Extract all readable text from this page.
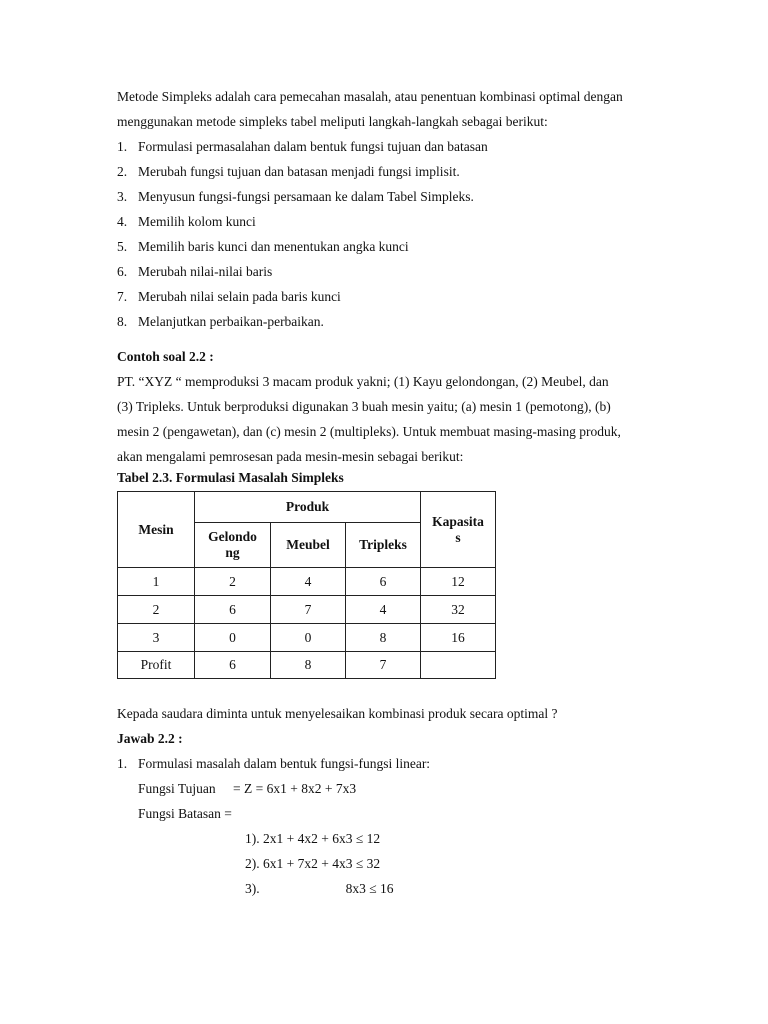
Metode Simpleks adalah cara pemecahan masalah, atau penentuan kombinasi optimal dengan
menggunakan metode simpleks tabel meliputi langkah-langkah sebagai berikut:
1. Formulasi permasalahan dalam bentuk fungsi tujuan dan batasan
2. Merubah fungsi tujuan dan batasan menjadi fungsi implisit.
3. Menyusun fungsi-fungsi persamaan ke dalam Tabel Simpleks.
4. Memilih kolom kunci
5. Memilih baris kunci dan menentukan angka kunci
6. Merubah nilai-nilai baris
7. Merubah nilai selain pada baris kunci
8. Melanjutkan perbaikan-perbaikan.
Contoh soal 2.2 :
PT. “XYZ “ memproduksi 3 macam produk yakni; (1) Kayu gelondongan, (2) Meubel, dan
(3) Tripleks. Untuk berproduksi digunakan 3 buah mesin yaitu; (a) mesin 1 (pemotong), (b)
mesin 2 (pengawetan), dan (c) mesin 2 (multipleks). Untuk membuat masing-masing produk,
akan mengalami pemrosesan pada mesin-mesin sebagai berikut:
Tabel 2.3. Formulasi Masalah Simpleks
Mesin	Produk			Kapasita
s
	Gelondo
ng	Meubel	Tripleks	
1	2	4	6	12
2	6	7	4	32
3	0	0	8	16
Profit	6	8	7	
Kepada saudara diminta untuk menyelesaikan kombinasi produk secara optimal ?
Jawab 2.2 :
1. Formulasi masalah dalam bentuk fungsi-fungsi linear:
Fungsi Tujuan	= Z = 6x1 + 8x2 + 7x3
Fungsi Batasan =
1). 2x1 + 4x2 + 6x3 ≤ 12
2). 6x1 + 7x2 + 4x3 ≤ 32
3).	8x3 ≤ 16
